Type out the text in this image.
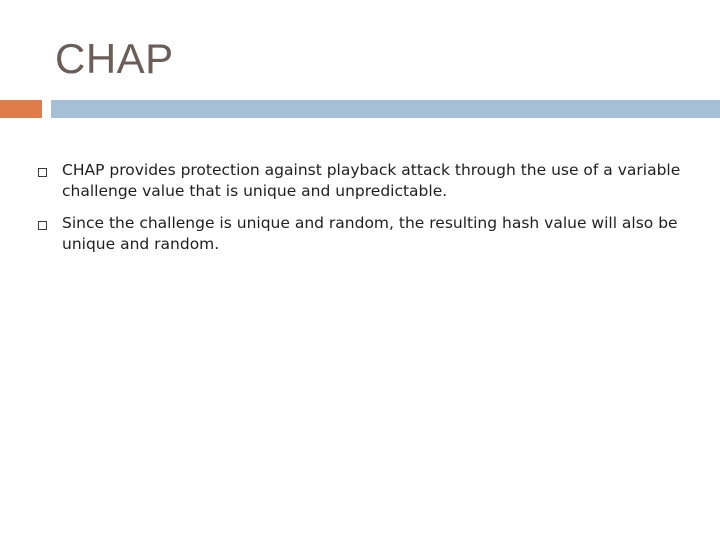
CHAP
CHAP provides protection against playback attack through the use of a variable challenge value that is unique and unpredictable.
Since the challenge is unique and random, the resulting hash value will also be unique and random.
